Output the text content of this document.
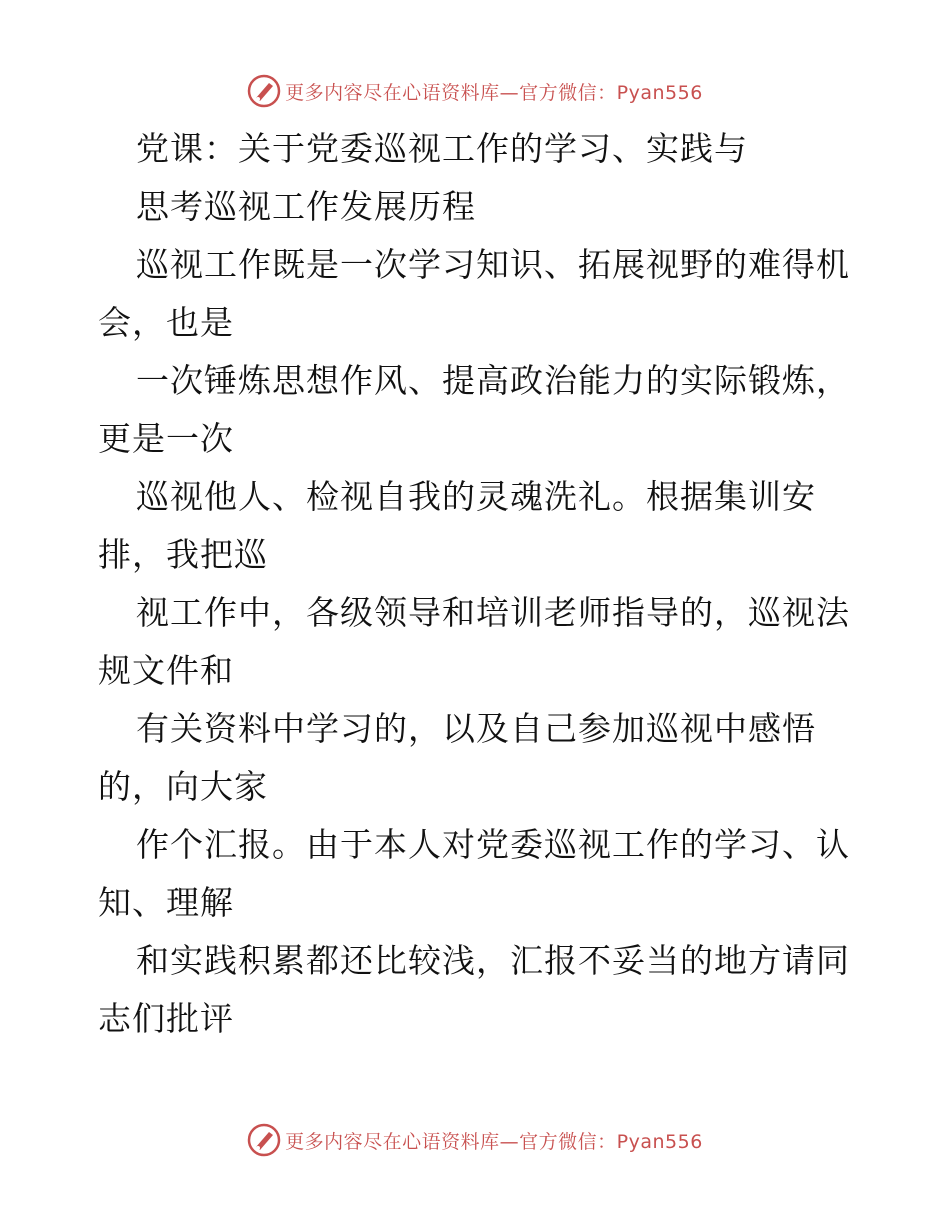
更多内容尽在心语资料库—官方微信：Pyan556
党课：关于党委巡视工作的学习、实践与
思考巡视工作发展历程
巡视工作既是一次学习知识、拓展视野的难得机
会，也是
一次锤炼思想作风、提高政治能力的实际锻炼，
更是一次
巡视他人、检视自我的灵魂洗礼。根据集训安
排，我把巡
视工作中，各级领导和培训老师指导的，巡视法
规文件和
有关资料中学习的，以及自己参加巡视中感悟
的，向大家
作个汇报。由于本人对党委巡视工作的学习、认
知、理解
和实践积累都还比较浅，汇报不妥当的地方请同
志们批评
更多内容尽在心语资料库—官方微信：Pyan556
